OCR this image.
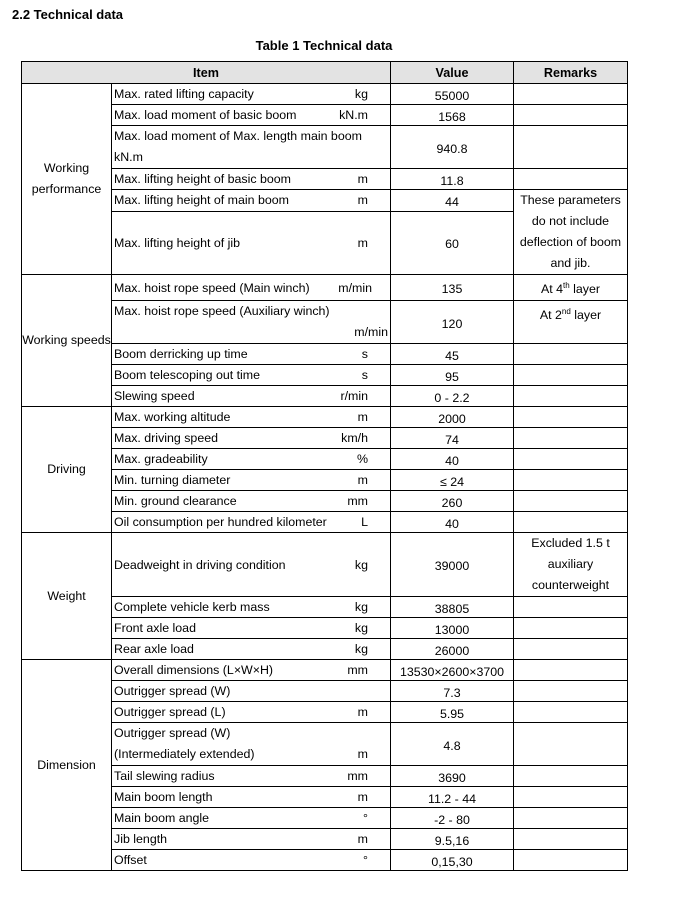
2.2 Technical data
Table 1 Technical data
Item		Value	Remarks
Working performance	Max. rated lifting capacity kg	55000	

	Max. load moment of basic boom kN.m	1568	

	Max. load moment of Max. length main boom
kN.m	940.8	

	Max. lifting height of basic boom m	11.8	

	Max. lifting height of main boom m	44	These parameters do not include deflection of boom and jib.

	Max. lifting height of jib m	60	
Working speeds	Max. hoist rope speed (Main winch) m/min	135	At 4th layer

	Max. hoist rope speed (Auxiliary winch)
m/min	120	At 2nd layer

	Boom derricking up time s	45	

	Boom telescoping out time s	95	

	Slewing speed r/min	0 - 2.2	
Driving	Max. working altitude m	2000	

	Max. driving speed km/h	74	

	Max. gradeability %	40	

	Min. turning diameter m	≤ 24	

	Min. ground clearance mm	260	

	Oil consumption per hundred kilometer L	40	
Weight	Deadweight in driving condition kg	39000	Excluded 1.5 t auxiliary counterweight

	Complete vehicle kerb mass kg	38805	

	Front axle load kg	13000	

	Rear axle load kg	26000	
Dimension	Overall dimensions (L×W×H) mm	13530×2600×3700	

	Outrigger spread (W)	7.3	

	Outrigger spread (L) m	5.95	

	Outrigger spread (W)
(Intermediately extended) m	4.8	

	Tail slewing radius mm	3690	

	Main boom length m	11.2 - 44	

	Main boom angle °	-2 - 80	

	Jib length m	9.5,16	

	Offset °	0,15,30	
